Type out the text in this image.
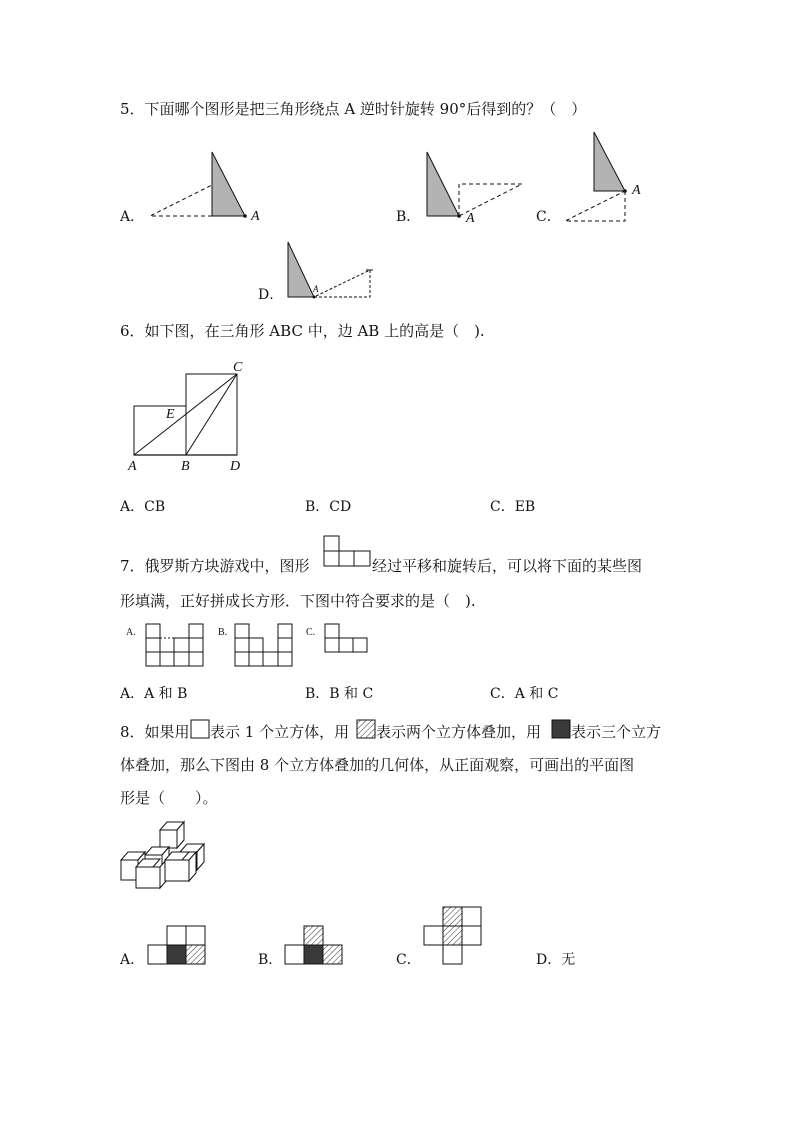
5．下面哪个图形是把三角形绕点 A 逆时针旋转 90°后得到的？（　）
A．	A	B．	A	C．
A
D．	A
6．如下图，在三角形 ABC 中，边 AB 上的高是（　).
A	B
C
D
E
A．CB	B．CD	C．EB
7．俄罗斯方块游戏中，图形	经过平移和旋转后，可以将下面的某些图
形填满，正好拼成长方形．下图中符合要求的是（　).
A.	B.	C.
A．A 和 B	B．B 和 C	C．A 和 C
8．如果用 表示 1 个立方体，用 表示两个立方体叠加，用 表示三个立方
体叠加，那么下图由 8 个立方体叠加的几何体，从正面观察，可画出的平面图
形是（　　）。
A．	B．	C．	D．无
